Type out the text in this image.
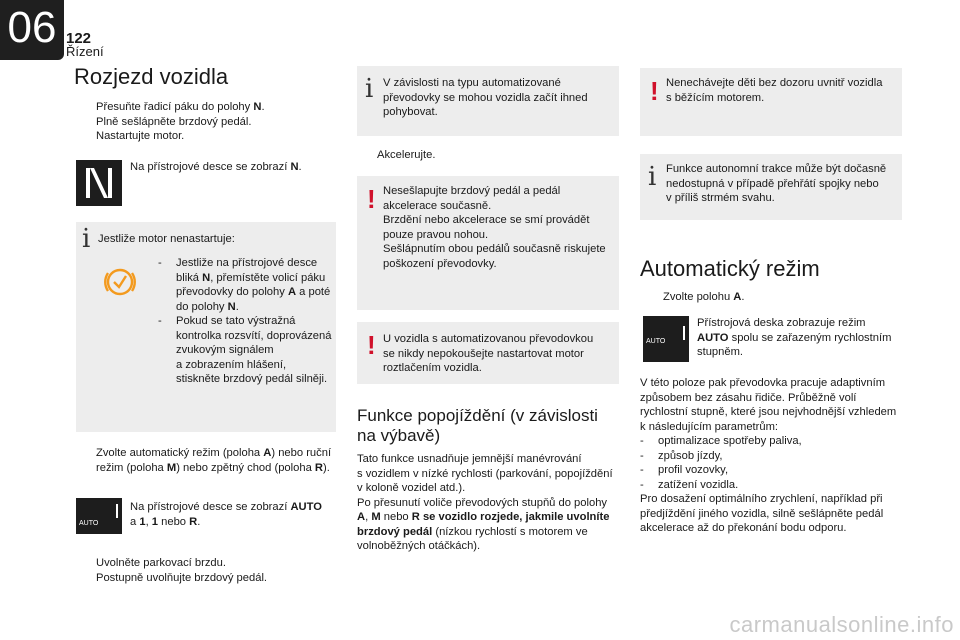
06 122
Řízení
Rozjezd vozidla
Přesuňte řadicí páku do polohy N.
Plně sešlápněte brzdový pedál.
Nastartujte motor.
Na přístrojové desce se zobrazí N.
i Jestliže motor nenastartuje:
- Jestliže na přístrojové desce
bliká N, přemístěte volicí páku
převodovky do polohy A a poté
do polohy N.
- Pokud se tato výstražná
kontrolka rozsvítí, doprovázená
zvukovým signálem
a zobrazením hlášení,
stiskněte brzdový pedál silněji.
Zvolte automatický režim (poloha A) nebo ruční
režim (poloha M) nebo zpětný chod (poloha R).
AUTO
Na přístrojové desce se zobrazí AUTO
a 1, 1 nebo R.
Uvolněte parkovací brzdu.
Postupně uvolňujte brzdový pedál.
i V závislosti na typu automatizované
převodovky se mohou vozidla začít ihned
pohybovat.
Akcelerujte.
! Nesešlapujte brzdový pedál a pedál
akcelerace současně.
Brzdění nebo akcelerace se smí provádět
pouze pravou nohou.
Sešlápnutím obou pedálů současně riskujete
poškození převodovky.
! U vozidla s automatizovanou převodovkou
se nikdy nepokoušejte nastartovat motor
roztlačením vozidla.
Funkce popojíždění (v závislosti na výbavě)
Tato funkce usnadňuje jemnější manévrování
s vozidlem v nízké rychlosti (parkování, popojíždění
v koloně vozidel atd.).
Po přesunutí voliče převodových stupňů do polohy
A, M nebo R se vozidlo rozjede, jakmile uvolníte
brzdový pedál (nízkou rychlostí s motorem ve
volnoběžných otáčkách).
! Nenechávejte děti bez dozoru uvnitř vozidla
s běžícím motorem.
i Funkce autonomní trakce může být dočasně
nedostupná v případě přehřátí spojky nebo
v příliš strmém svahu.
Automatický režim
Zvolte polohu A.
AUTO
Přístrojová deska zobrazuje režim
AUTO spolu se zařazeným rychlostním
stupněm.
V této poloze pak převodovka pracuje adaptivním
způsobem bez zásahu řidiče. Průběžně volí
rychlostní stupně, které jsou nejvhodnější vzhledem
k následujícím parametrům:
- optimalizace spotřeby paliva,
- způsob jízdy,
- profil vozovky,
- zatížení vozidla.
Pro dosažení optimálního zrychlení, například při
předjíždění jiného vozidla, silně sešlápněte pedál
akcelerace až do překonání bodu odporu.
carmanualsonline.info
